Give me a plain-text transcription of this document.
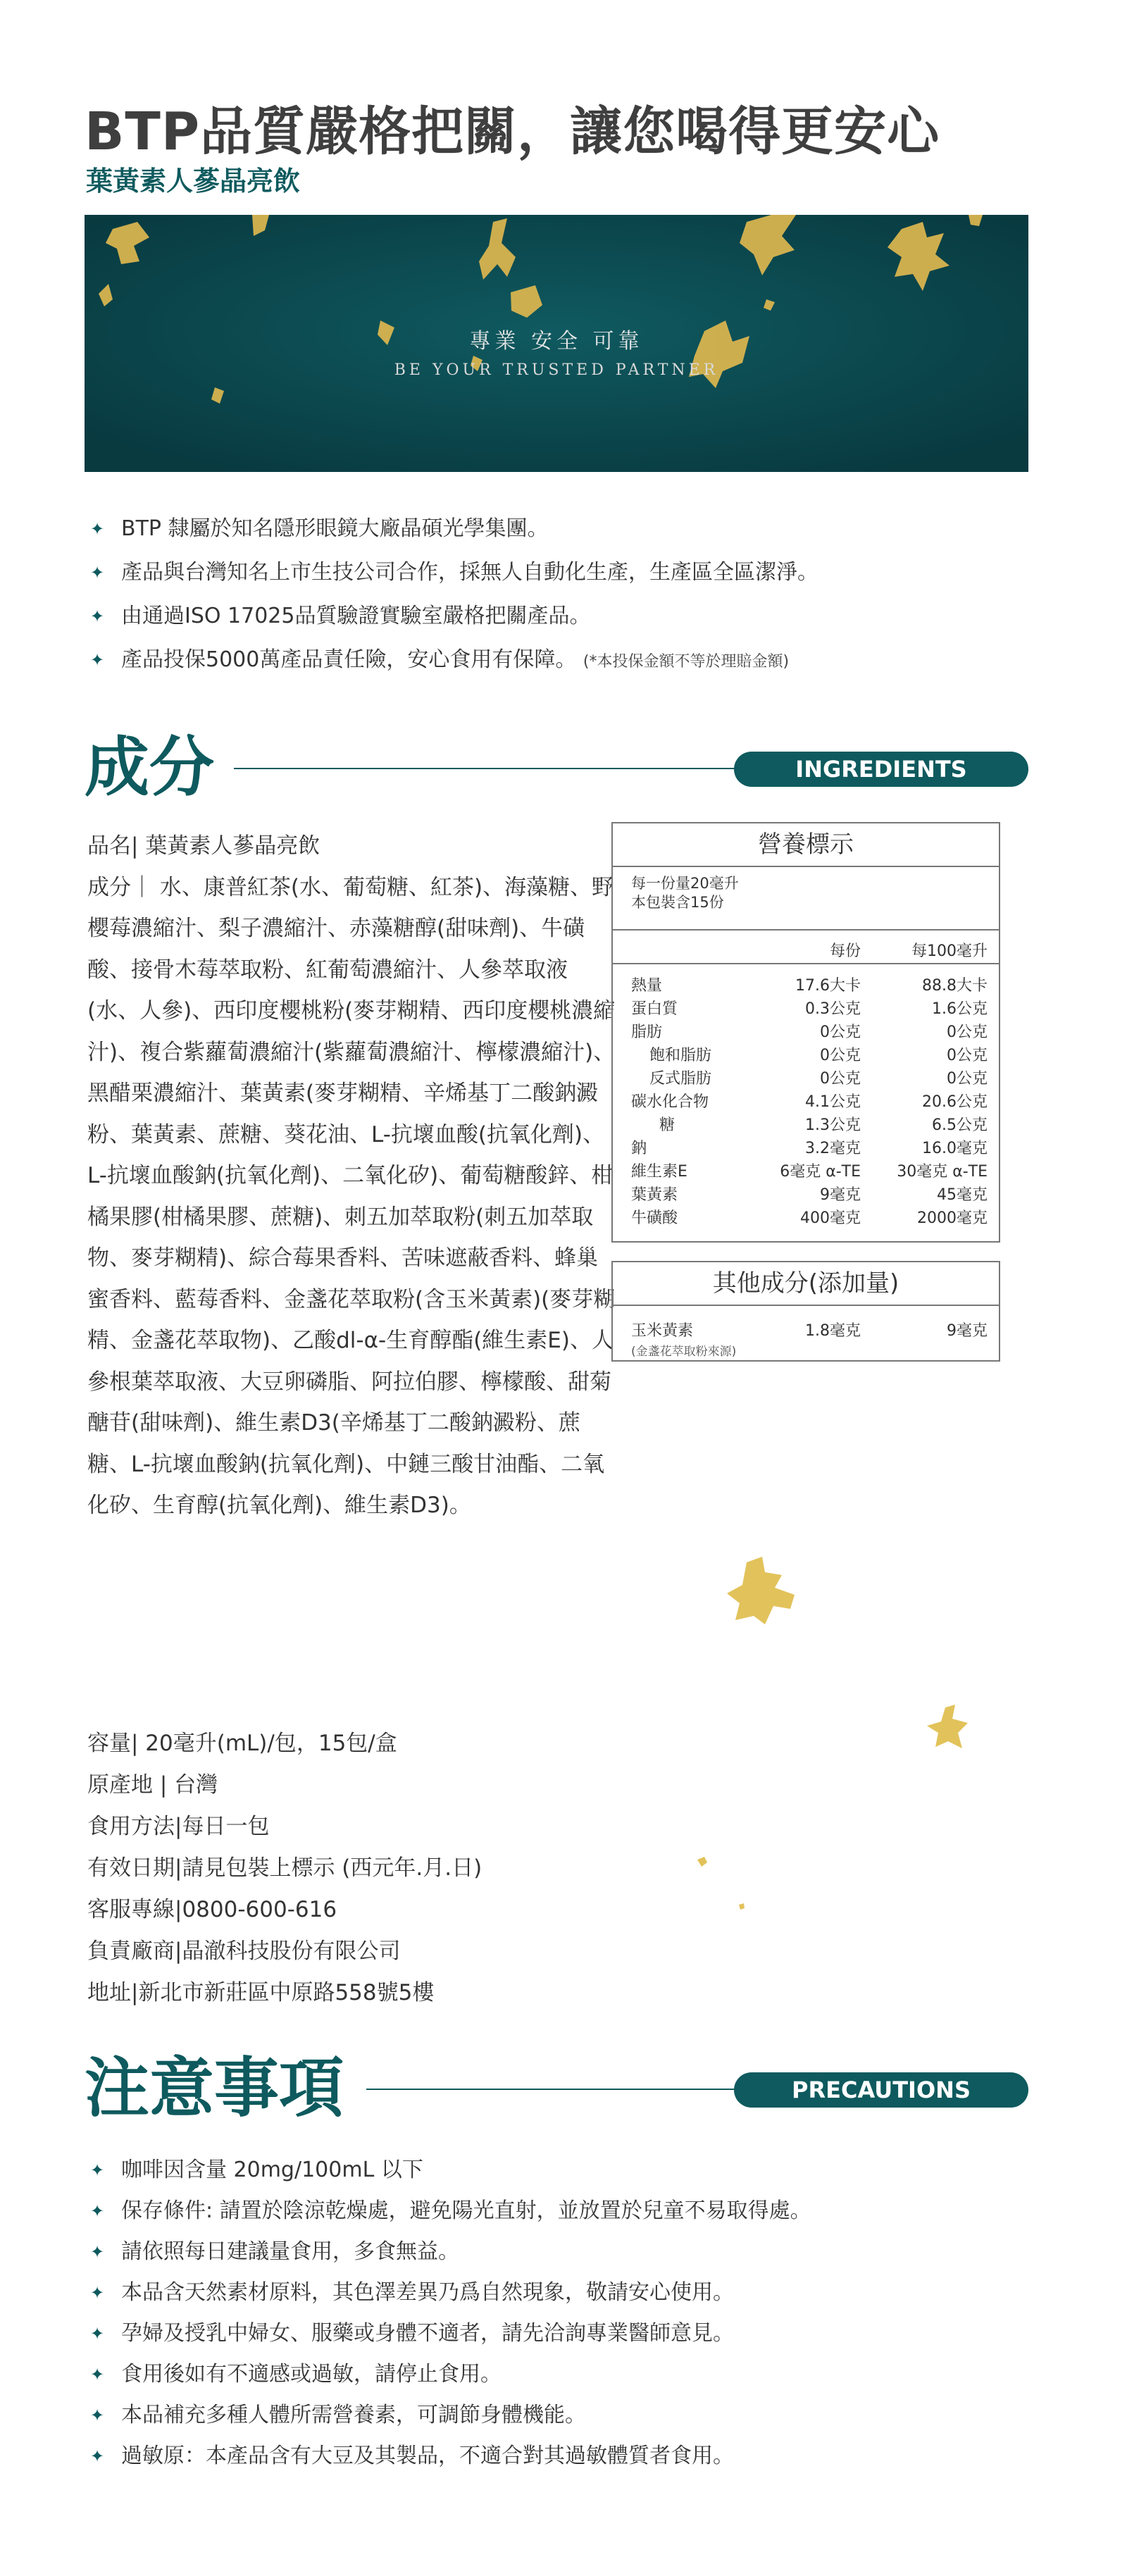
BTP品質嚴格把關，讓您喝得更安心
葉黃素人蔘晶亮飲
專業 安全 可靠
BE YOUR TRUSTED PARTNER
✦ BTP 隸屬於知名隱形眼鏡大廠晶碩光學集團。
✦ 產品與台灣知名上市生技公司合作，採無人自動化生產，生產區全區潔淨。
✦ 由通過ISO 17025品質驗證實驗室嚴格把關產品。
✦ 產品投保5000萬產品責任險，安心食用有保障。 (*本投保金額不等於理賠金額)
成分	INGREDIENTS

品名| 葉黃素人蔘晶亮飲

成分｜ 水、康普紅茶(水、葡萄糖、紅茶)、海藻糖、野櫻莓濃縮汁、梨子濃縮汁、赤藻糖醇(甜味劑)、牛磺酸、接骨木莓萃取粉、紅葡萄濃縮汁、人參萃取液(水、人參)、西印度櫻桃粉(麥芽糊精、西印度櫻桃濃縮汁)、複合紫蘿蔔濃縮汁(紫蘿蔔濃縮汁、檸檬濃縮汁)、黑醋栗濃縮汁、葉黃素(麥芽糊精、辛烯基丁二酸鈉澱粉、葉黃素、蔗糖、葵花油、L-抗壞血酸(抗氧化劑)、L-抗壞血酸鈉(抗氧化劑)、二氧化矽)、葡萄糖酸鋅、柑橘果膠(柑橘果膠、蔗糖)、刺五加萃取粉(刺五加萃取物、麥芽糊精)、綜合莓果香料、苦味遮蔽香料、蜂巢蜜香料、藍莓香料、金盞花萃取粉(含玉米黃素)(麥芽糊精、金盞花萃取物)、乙酸dl-α-生育醇酯(維生素E)、人參根葉萃取液、大豆卵磷脂、阿拉伯膠、檸檬酸、甜菊醣苷(甜味劑)、維生素D3(辛烯基丁二酸鈉澱粉、蔗糖、L-抗壞血酸鈉(抗氧化劑)、中鏈三酸甘油酯、二氧化矽、生育醇(抗氧化劑)、維生素D3)。

營養標示
每一份量20毫升
本包裝含15份
每份	每100毫升
熱量	17.6大卡	88.8大卡
蛋白質	0.3公克	1.6公克
脂肪	0公克	0公克
飽和脂肪	0公克	0公克
反式脂肪	0公克	0公克
碳水化合物	4.1公克	20.6公克
糖	1.3公克	6.5公克
鈉	3.2毫克	16.0毫克
維生素E	6毫克 α-TE 30毫克 α-TE
葉黃素	9毫克	45毫克
牛磺酸	400毫克	2000毫克
其他成分(添加量)
玉米黃素	1.8毫克	9毫克
(金盞花萃取粉來源)
容量| 20毫升(mL)/包，15包/盒
原產地 | 台灣
食用方法|每日一包
有效日期|請見包裝上標示 (西元年.月.日)
客服專線|0800-600-616
負責廠商|晶澈科技股份有限公司
地址|新北市新莊區中原路558號5樓
注意事項	PRECAUTIONS
✦ 咖啡因含量 20mg/100mL 以下
✦ 保存條件: 請置於陰涼乾燥處，避免陽光直射，並放置於兒童不易取得處。
✦ 請依照每日建議量食用，多食無益。
✦ 本品含天然素材原料，其色澤差異乃爲自然現象，敬請安心使用。
✦ 孕婦及授乳中婦女、服藥或身體不適者，請先洽詢專業醫師意見。
✦ 食用後如有不適感或過敏，請停止食用。
✦ 本品補充多種人體所需營養素，可調節身體機能。
✦ 過敏原：本產品含有大豆及其製品，不適合對其過敏體質者食用。
